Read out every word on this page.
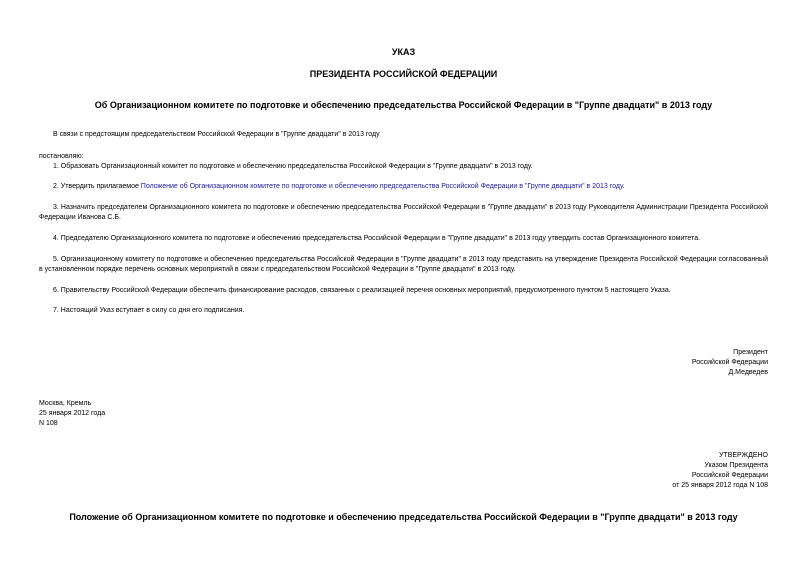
УКАЗ
ПРЕЗИДЕНТА РОССИЙСКОЙ ФЕДЕРАЦИИ
Об Организационном комитете по подготовке и обеспечению председательства Российской Федерации в "Группе двадцати" в 2013 году
В связи с предстоящим председательством Российской Федерации в "Группе двадцати" в 2013 году
постановляю:
1. Образовать Организационный комитет по подготовке и обеспечению председательства Российской Федерации в "Группе двадцати" в 2013 году.
2. Утвердить прилагаемое Положение об Организационном комитете по подготовке и обеспечению председательства Российской Федерации в "Группе двадцати" в 2013 году.
3. Назначить председателем Организационного комитета по подготовке и обеспечению председательства Российской Федерации в "Группе двадцати" в 2013 году Руководителя Администрации Президента Российской Федерации Иванова С.Б.
4. Председателю Организационного комитета по подготовке и обеспечению председательства Российской Федерации в "Группе двадцати" в 2013 году утвердить состав Организационного комитета.
5. Организационному комитету по подготовке и обеспечению председательства Российской Федерации в "Группе двадцати" в 2013 году представить на утверждение Президента Российской Федерации согласованный в установленном порядке перечень основных мероприятий в связи с председательством Российской Федерации в "Группе двадцати" в 2013 году.
6. Правительству Российской Федерации обеспечить финансирование расходов, связанных с реализацией перечня основных мероприятий, предусмотренного пунктом 5 настоящего Указа.
7. Настоящий Указ вступает в силу со дня его подписания.
Президент
Российской Федерации
Д.Медведев
Москва, Кремль
25 января 2012 года
N 108
УТВЕРЖДЕНО
Указом Президента
Российской Федерации
от 25 января 2012 года N 108
Положение об Организационном комитете по подготовке и обеспечению председательства Российской Федерации в "Группе двадцати" в 2013 году
